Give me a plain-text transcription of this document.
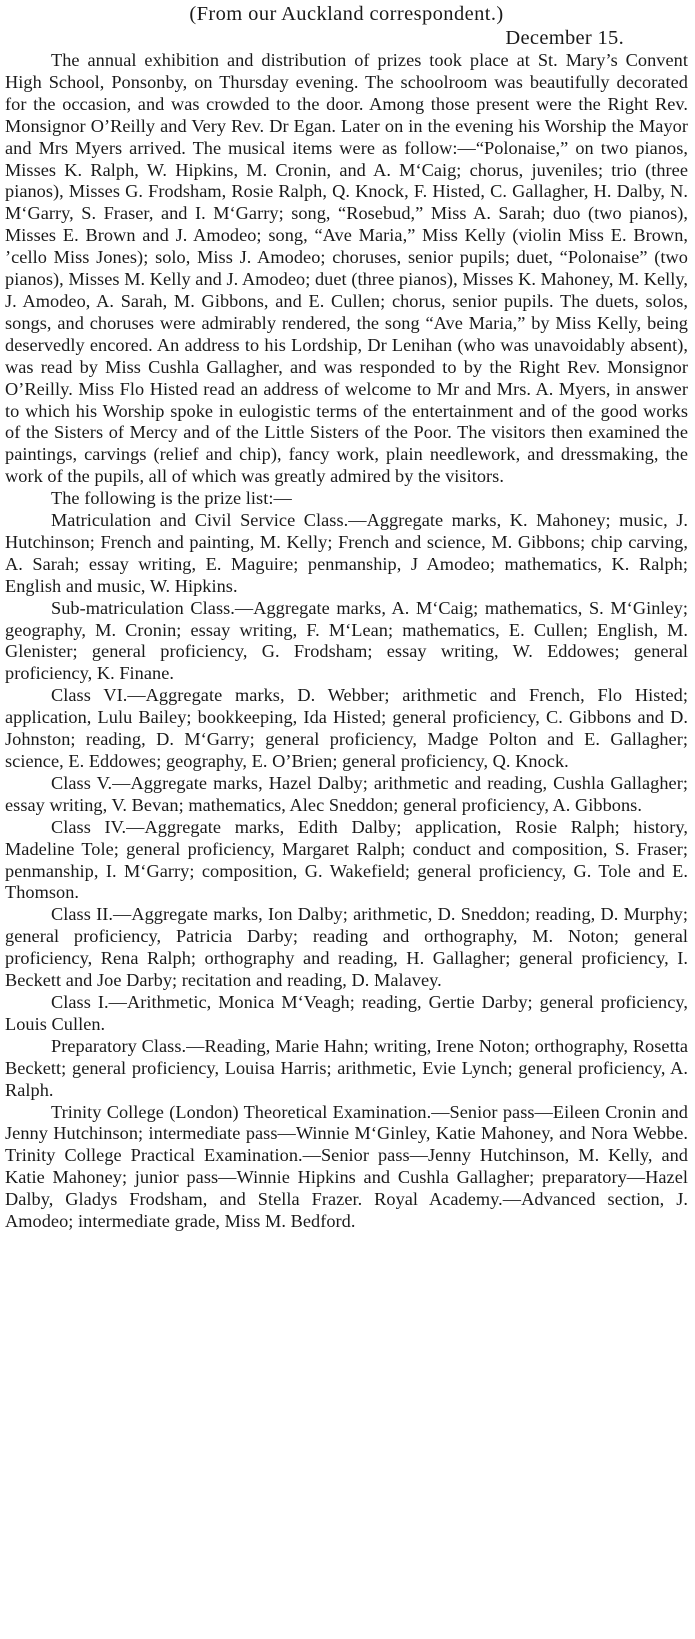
(From our Auckland correspondent.)
December 15.

The annual exhibition and distribution of prizes took place at St. Mary’s Convent High School, Ponsonby, on Thursday evening. The schoolroom was beautifully decorated for the occasion, and was crowded to the door. Among those present were the Right Rev. Monsignor O’Reilly and Very Rev. Dr Egan. Later on in the evening his Worship the Mayor and Mrs Myers arrived. The musical items were as follow:—“Polonaise,” on two pianos, Misses K. Ralph, W. Hipkins, M. Cronin, and A. M‘Caig; chorus, juveniles; trio (three pianos), Misses G. Frodsham, Rosie Ralph, Q. Knock, F. Histed, C. Gallagher, H. Dalby, N. M‘Garry, S. Fraser, and I. M‘Garry; song, “Rosebud,” Miss A. Sarah; duo (two pianos), Misses E. Brown and J. Amodeo; song, “Ave Maria,” Miss Kelly (violin Miss E. Brown, ’cello Miss Jones); solo, Miss J. Amodeo; choruses, senior pupils; duet, “Polonaise” (two pianos), Misses M. Kelly and J. Amodeo; duet (three pianos), Misses K. Mahoney, M. Kelly, J. Amodeo, A. Sarah, M. Gibbons, and E. Cullen; chorus, senior pupils. The duets, solos, songs, and choruses were admirably rendered, the song “Ave Maria,” by Miss Kelly, being deservedly encored. An address to his Lordship, Dr Lenihan (who was unavoidably absent), was read by Miss Cushla Gallagher, and was responded to by the Right Rev. Monsignor O’Reilly. Miss Flo Histed read an address of welcome to Mr and Mrs. A. Myers, in answer to which his Worship spoke in eulogistic terms of the entertainment and of the good works of the Sisters of Mercy and of the Little Sisters of the Poor. The visitors then examined the paintings, carvings (relief and chip), fancy work, plain needlework, and dressmaking, the work of the pupils, all of which was greatly admired by the visitors.

The following is the prize list:—

Matriculation and Civil Service Class.—Aggregate marks, K. Mahoney; music, J. Hutchinson; French and painting, M. Kelly; French and science, M. Gibbons; chip carving, A. Sarah; essay writing, E. Maguire; penmanship, J Amodeo; mathematics, K. Ralph; English and music, W. Hipkins.

Sub-matriculation Class.—Aggregate marks, A. M‘Caig; mathematics, S. M‘Ginley; geography, M. Cronin; essay writing, F. M‘Lean; mathematics, E. Cullen; English, M. Glenister; general proficiency, G. Frodsham; essay writing, W. Eddowes; general proficiency, K. Finane.

Class VI.—Aggregate marks, D. Webber; arithmetic and French, Flo Histed; application, Lulu Bailey; bookkeeping, Ida Histed; general proficiency, C. Gibbons and D. Johnston; reading, D. M‘Garry; general proficiency, Madge Polton and E. Gallagher; science, E. Eddowes; geography, E. O’Brien; general proficiency, Q. Knock.

Class V.—Aggregate marks, Hazel Dalby; arithmetic and reading, Cushla Gallagher; essay writing, V. Bevan; mathematics, Alec Sneddon; general proficiency, A. Gibbons.

Class IV.—Aggregate marks, Edith Dalby; application, Rosie Ralph; history, Madeline Tole; general proficiency, Margaret Ralph; conduct and composition, S. Fraser; penmanship, I. M‘Garry; composition, G. Wakefield; general proficiency, G. Tole and E. Thomson.

Class II.—Aggregate marks, Ion Dalby; arithmetic, D. Sneddon; reading, D. Murphy; general proficiency, Patricia Darby; reading and orthography, M. Noton; general proficiency, Rena Ralph; orthography and reading, H. Gallagher; general proficiency, I. Beckett and Joe Darby; recitation and reading, D. Malavey.

Class I.—Arithmetic, Monica M‘Veagh; reading, Gertie Darby; general proficiency, Louis Cullen.

Preparatory Class.—Reading, Marie Hahn; writing, Irene Noton; orthography, Rosetta Beckett; general proficiency, Louisa Harris; arithmetic, Evie Lynch; general proficiency, A. Ralph.

Trinity College (London) Theoretical Examination.—Senior pass—Eileen Cronin and Jenny Hutchinson; intermediate pass—Winnie M‘Ginley, Katie Mahoney, and Nora Webbe. Trinity College Practical Examination.—Senior pass—Jenny Hutchinson, M. Kelly, and Katie Mahoney; junior pass—Winnie Hipkins and Cushla Gallagher; preparatory—Hazel Dalby, Gladys Frodsham, and Stella Frazer. Royal Academy.—Advanced section, J. Amodeo; intermediate grade, Miss M. Bedford.
